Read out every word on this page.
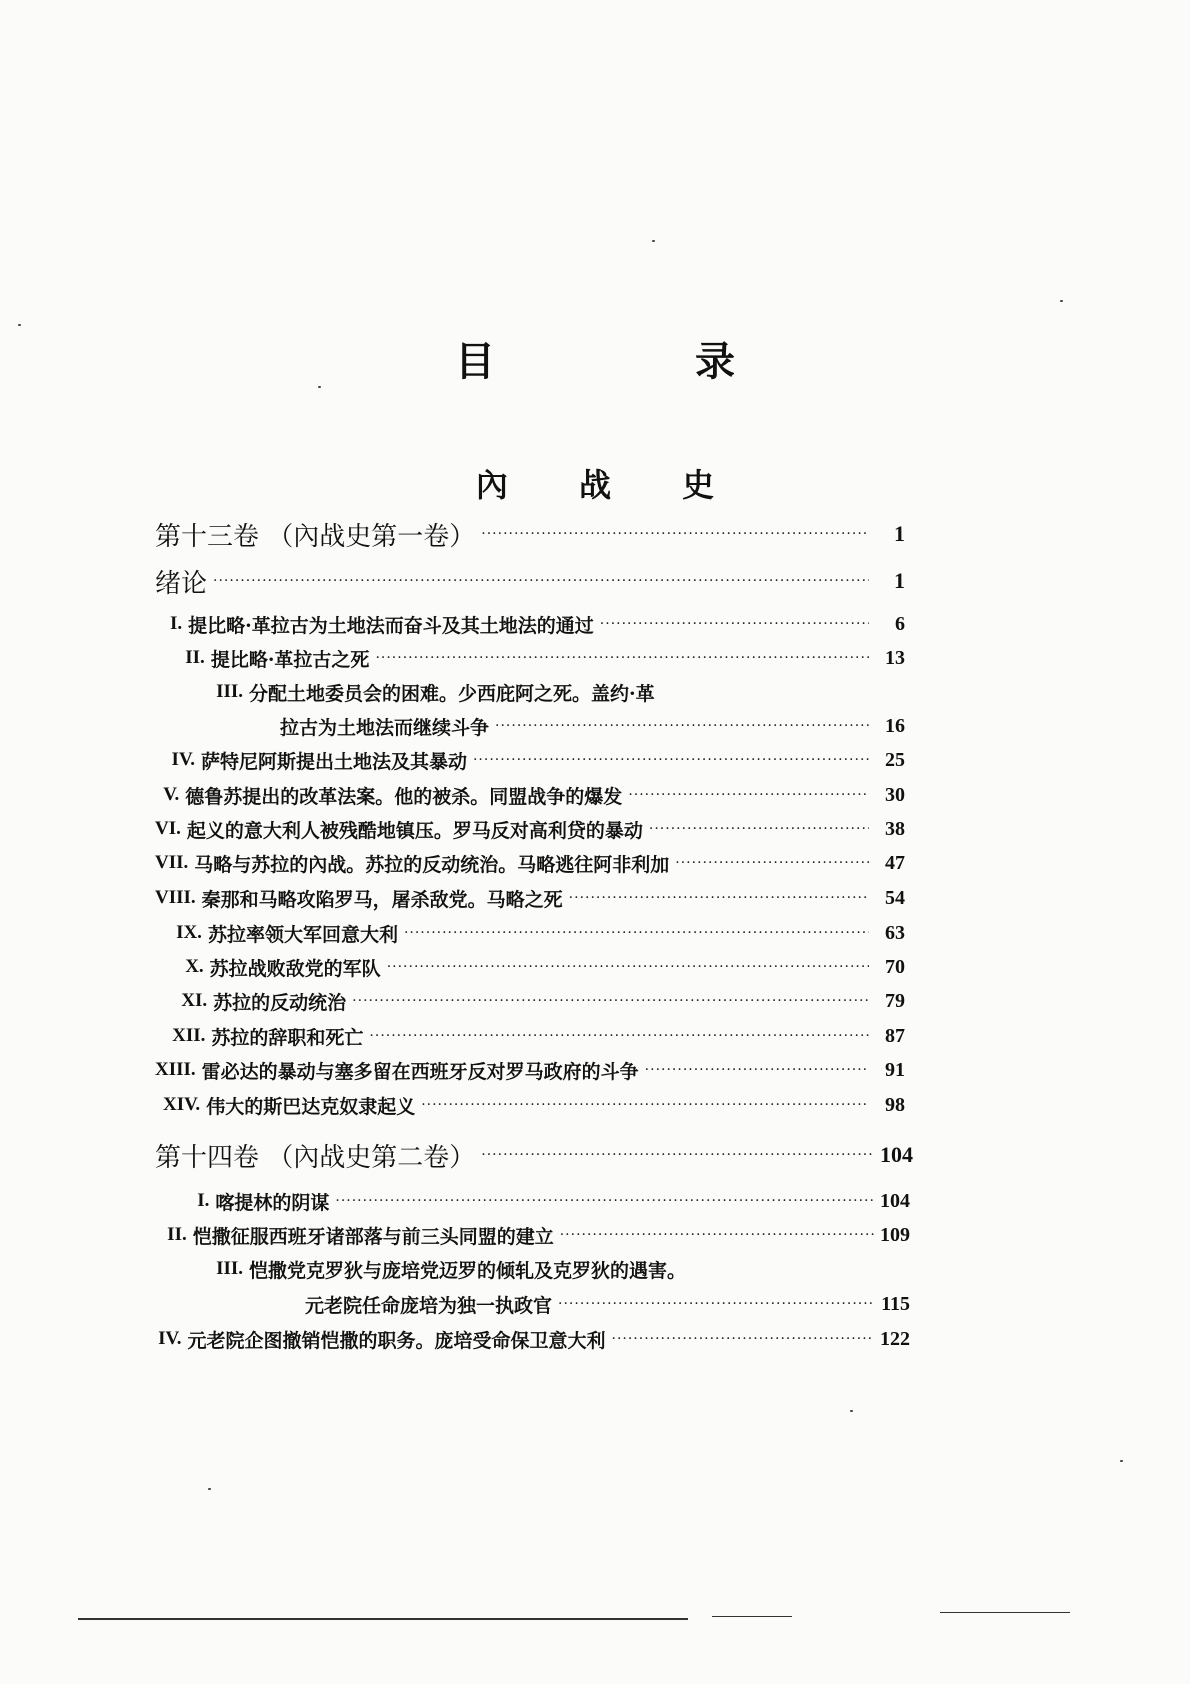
目　录
內 战 史
第十三卷 （內战史第一卷） ·····	1
绪论 ·····	1
I. 提比略·革拉古为土地法而奋斗及其土地法的通过 ·····	6
II. 提比略·革拉古之死 ·····	13
III. 分配土地委员会的困难。少西庇阿之死。盖约·革
拉古为土地法而继续斗争 ·····	16
IV. 萨特尼阿斯提出土地法及其暴动 ·····	25
V. 德鲁苏提出的改革法案。他的被杀。同盟战争的爆发 ·····	30
VI. 起义的意大利人被残酷地镇压。罗马反对高利贷的暴动 ·····	38
VII. 马略与苏拉的內战。苏拉的反动统治。马略逃往阿非利加 ·····	47
VIII. 秦那和马略攻陷罗马，屠杀敌党。马略之死 ·····	54
IX. 苏拉率领大军回意大利 ·····	63
X. 苏拉战败敌党的军队 ·····	70
XI. 苏拉的反动统治 ·····	79
XII. 苏拉的辞职和死亡 ·····	87
XIII. 雷必达的暴动与塞多留在西班牙反对罗马政府的斗争 ·····	91
XIV. 伟大的斯巴达克奴隶起义 ·····	98
第十四卷 （內战史第二卷） ·····	104
I. 喀提林的阴谋 ·····	104
II. 恺撒征服西班牙诸部落与前三头同盟的建立 ·····	109
III. 恺撒党克罗狄与庞培党迈罗的倾轧及克罗狄的遇害。
元老院任命庞培为独一执政官 ·····	115
IV. 元老院企图撤销恺撒的职务。庞培受命保卫意大利 ·····	122
